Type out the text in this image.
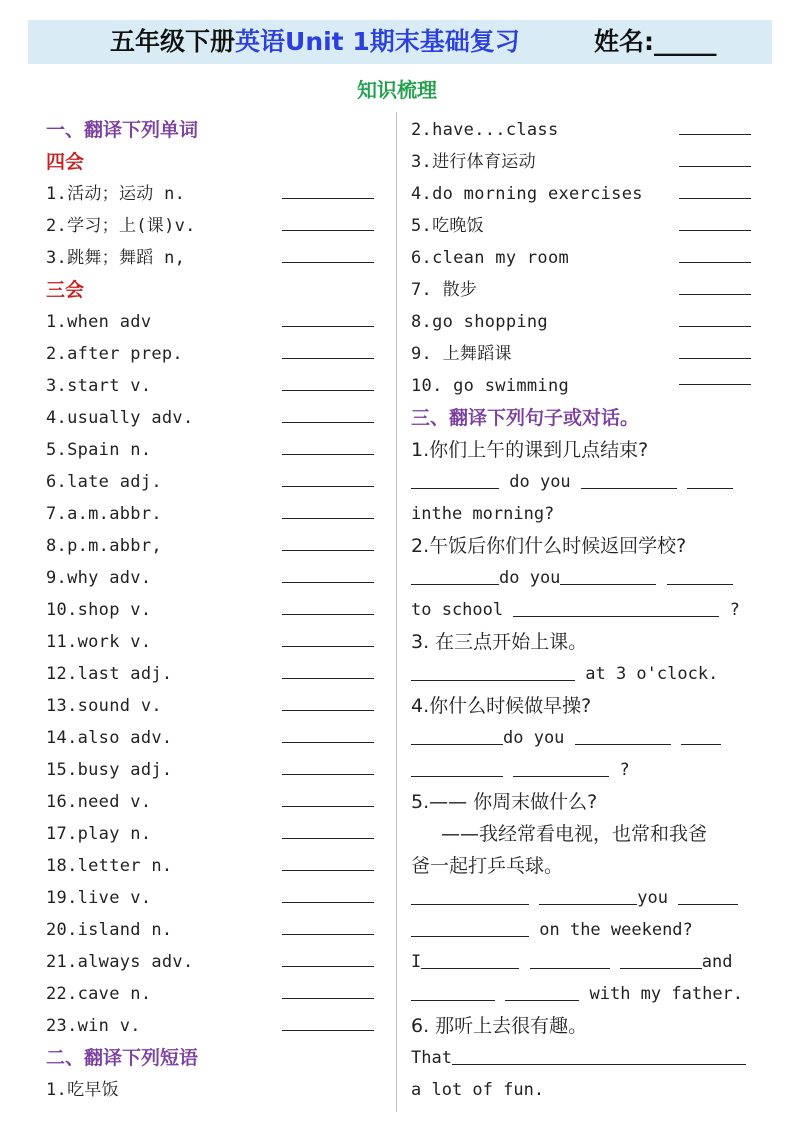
五年级下册英语Unit 1期末基础复习	姓名:_____
知识梳理
一、翻译下列单词
四会
1.活动；运动 n.
2.学习；上(课)v.
3.跳舞；舞蹈 n,
三会
1.when adv
2.after prep.
3.start v.
4.usually adv.
5.Spain n.
6.late adj.
7.a.m.abbr.
8.p.m.abbr,
9.why adv.
10.shop v.
11.work v.
12.last adj.
13.sound v.
14.also adv.
15.busy adj.
16.need v.
17.play n.
18.letter n.
19.live v.
20.island n.
21.always adv.
22.cave n.
23.win v.
二、翻译下列短语
1.吃早饭
2.have...class
3.进行体育运动
4.do morning exercises
5.吃晚饭
6.clean my room
7. 散步
8.go shopping
9. 上舞蹈课
10. go swimming
三、翻译下列句子或对话。
1.你们上午的课到几点结束?
do you
inthe morning?
2.午饭后你们什么时候返回学校?
do you
to school	?
3. 在三点开始上课。
at 3 o'clock.
4.你什么时候做早操?
do you
?
5.—— 你周末做什么?
——我经常看电视，也常和我爸
爸一起打乒乓球。
you
on the weekend?
I	and
with my father.
6. 那听上去很有趣。
That
a lot of fun.
